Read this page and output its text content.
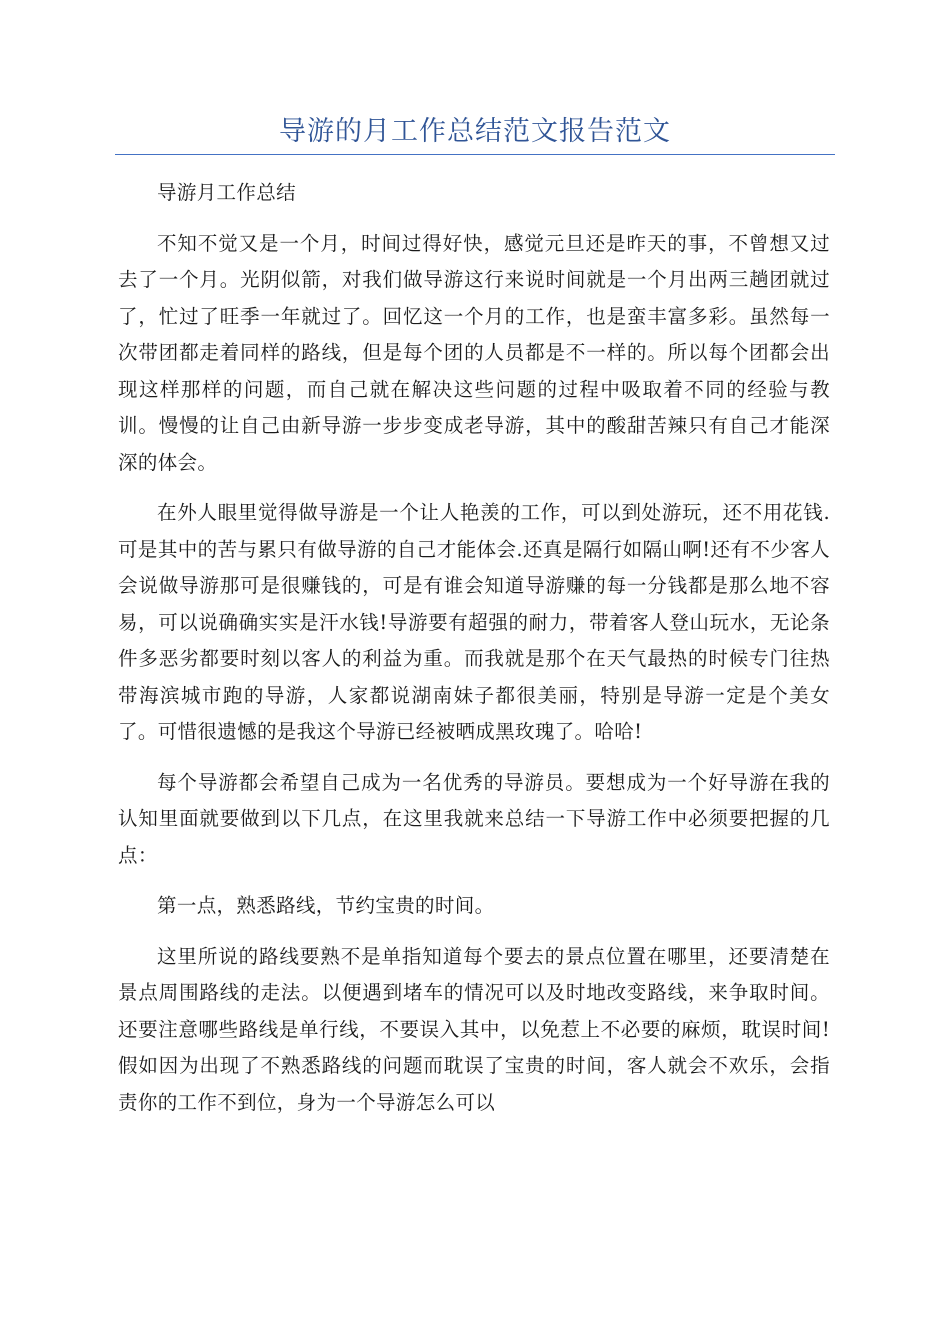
导游的月工作总结范文报告范文

导游月工作总结

不知不觉又是一个月，时间过得好快，感觉元旦还是昨天的事，不曾想又过去了一个月。光阴似箭，对我们做导游这行来说时间就是一个月出两三趟团就过了，忙过了旺季一年就过了。回忆这一个月的工作，也是蛮丰富多彩。虽然每一次带团都走着同样的路线，但是每个团的人员都是不一样的。所以每个团都会出现这样那样的问题，而自己就在解决这些问题的过程中吸取着不同的经验与教训。慢慢的让自己由新导游一步步变成老导游，其中的酸甜苦辣只有自己才能深深的体会。

在外人眼里觉得做导游是一个让人艳羡的工作，可以到处游玩，还不用花钱.可是其中的苦与累只有做导游的自己才能体会.还真是隔行如隔山啊!还有不少客人会说做导游那可是很赚钱的，可是有谁会知道导游赚的每一分钱都是那么地不容易，可以说确确实实是汗水钱!导游要有超强的耐力，带着客人登山玩水，无论条件多恶劣都要时刻以客人的利益为重。而我就是那个在天气最热的时候专门往热带海滨城市跑的导游，人家都说湖南妹子都很美丽，特别是导游一定是个美女了。可惜很遗憾的是我这个导游已经被晒成黑玫瑰了。哈哈!

每个导游都会希望自己成为一名优秀的导游员。要想成为一个好导游在我的认知里面就要做到以下几点，在这里我就来总结一下导游工作中必须要把握的几点：

第一点，熟悉路线，节约宝贵的时间。

这里所说的路线要熟不是单指知道每个要去的景点位置在哪里，还要清楚在景点周围路线的走法。以便遇到堵车的情况可以及时地改变路线，来争取时间。还要注意哪些路线是单行线，不要误入其中，以免惹上不必要的麻烦，耽误时间!假如因为出现了不熟悉路线的问题而耽误了宝贵的时间，客人就会不欢乐，会指责你的工作不到位，身为一个导游怎么可以
